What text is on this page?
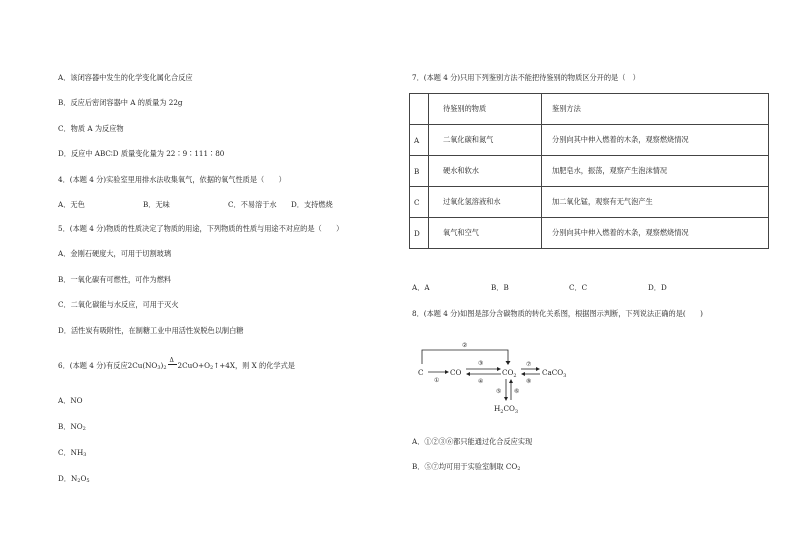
A．该闭容器中发生的化学变化属化合反应
B．反应后密闭容器中 A 的质量为 22g
C．物质 A 为反应物
D．反应中 ABC∶D 质量变化量为 22∶9∶111∶80
4．(本题 4 分)实验室里用排水法收集氧气，依据的氧气性质是（　　）
A．无色	B．无味	C．不易溶于水 D．支持燃烧
5．(本题 4 分)物质的性质决定了物质的用途，下列物质的性质与用途不对应的是（　　）
A．金刚石硬度大，可用于切割玻璃
B．一氧化碳有可燃性，可作为燃料
C．二氧化碳能与水反应，可用于灭火
D．活性炭有吸附性，在制糖工业中用活性炭脱色以制白糖
6．(本题 4 分)有反应$2Cu(NO_3)_2$
Δ
$2CuO+O_2↑+4X$，则 X 的化学式是
A．NO
B．$NO_2$
C．$NH_3$
D．$N_2O_5$
7．(本题 4 分)只用下列鉴别方法不能把待鉴别的物质区分开的是（　）
	待鉴别的物质	鉴别方法
A	二氧化碳和氮气	分别向其中伸入燃着的木条，观察燃烧情况
B	硬水和软水	加肥皂水，振荡，观察产生泡沫情况
C	过氧化氢溶液和水	加二氧化锰，观察有无气泡产生
D	氧气和空气	分别向其中伸入燃着的木条，观察燃烧情况
A．A	B．B	C．C	D．D
8．(本题 4 分)如图是部分含碳物质的转化关系图，根据图示判断，下列说法正确的是(　　)
②
C
①
CO
③
④
$CO_2$
⑦
⑧
CaCO$_3$
⑤ ⑥
$H_2CO_3$
A．①②③⑥都只能通过化合反应实现
B．⑤⑦均可用于实验室制取 $CO_2$
